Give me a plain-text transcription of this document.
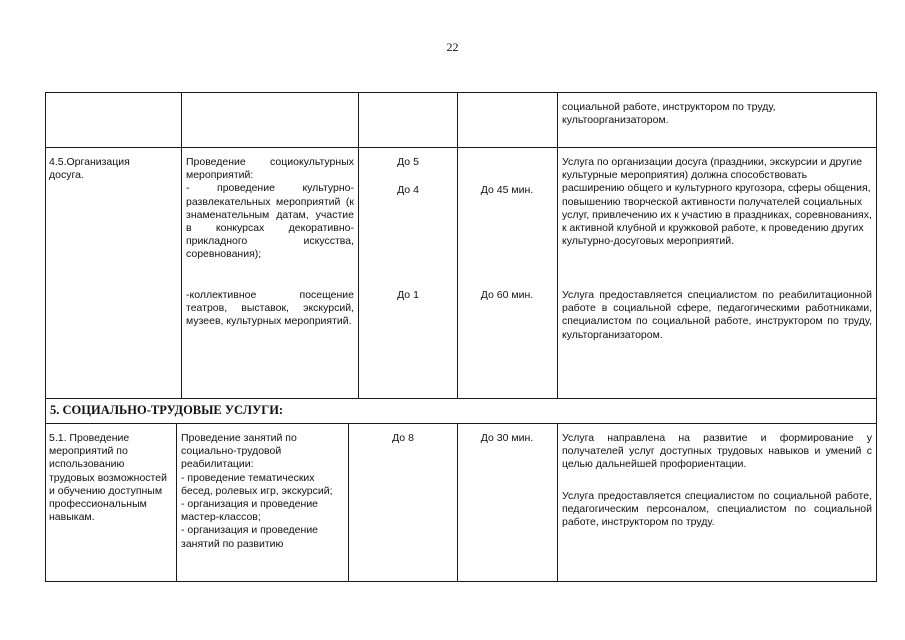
22
социальной работе, инструктором по труду,
культоорганизатором.
4.5.Организация
досуга.
Проведение социокультурных мероприятий:
- проведение культурно-развлекательных мероприятий (к знаменательным датам, участие в конкурсах декоративно-прикладного искусства, соревнования);
-коллективное посещение театров, выставок, экскурсий, музеев, культурных мероприятий.
До 5
До 4
До 1
До 45 мин.
До 60 мин.
Услуга по организации досуга (праздники, экскурсии и другие культурные мероприятия) должна способствовать расширению общего и культурного кругозора, сферы общения, повышению творческой активности получателей социальных услуг, привлечению их к участию в праздниках, соревнованиях, к активной клубной и кружковой работе, к проведению других культурно-досуговых мероприятий.
Услуга предоставляется специалистом по реабилитационной работе в социальной сфере, педагогическими работниками, специалистом по социальной работе, инструктором по труду, культорганизатором.
5. СОЦИАЛЬНО-ТРУДОВЫЕ УСЛУГИ:
5.1. Проведение мероприятий по использованию трудовых возможностей и обучению доступным профессиональным навыкам.
Проведение занятий по социально-трудовой реабилитации:
- проведение тематических бесед, ролевых игр, экскурсий;
- организация и проведение мастер-классов;
- организация и проведение занятий по развитию
До 8	До 30 мин.	Услуга направлена на развитие и формирование у получателей услуг доступных трудовых навыков и умений с целью дальнейшей профориентации.
Услуга предоставляется специалистом по социальной работе, педагогическим персоналом, специалистом по социальной работе, инструктором по труду.
